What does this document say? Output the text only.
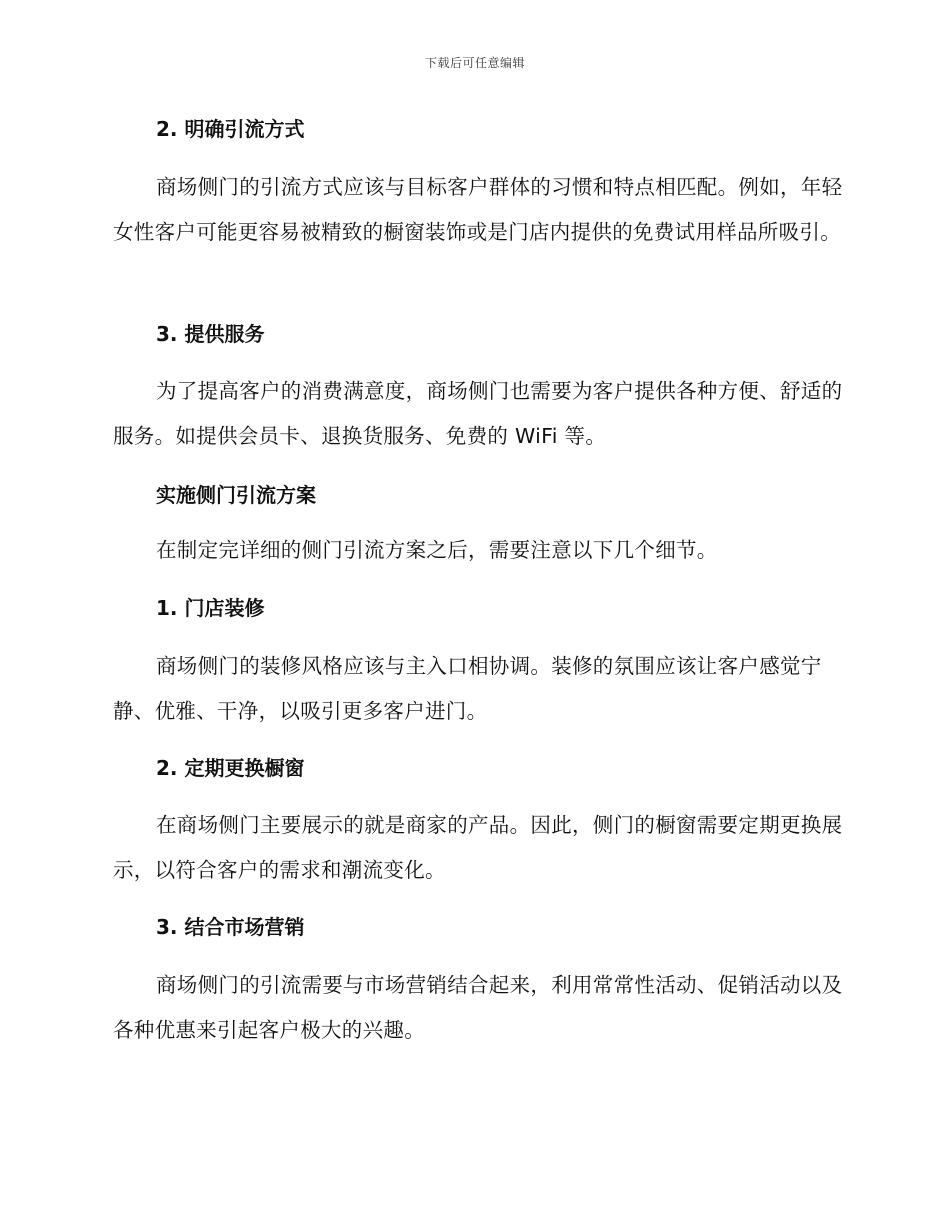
下载后可任意编辑
2. 明确引流方式
商场侧门的引流方式应该与目标客户群体的习惯和特点相匹配。例如，年轻女性客户可能更容易被精致的橱窗装饰或是门店内提供的免费试用样品所吸引。
3. 提供服务
为了提高客户的消费满意度，商场侧门也需要为客户提供各种方便、舒适的服务。如提供会员卡、退换货服务、免费的 WiFi 等。
实施侧门引流方案
在制定完详细的侧门引流方案之后，需要注意以下几个细节。
1. 门店装修
商场侧门的装修风格应该与主入口相协调。装修的氛围应该让客户感觉宁静、优雅、干净，以吸引更多客户进门。
2. 定期更换橱窗
在商场侧门主要展示的就是商家的产品。因此，侧门的橱窗需要定期更换展示，以符合客户的需求和潮流变化。
3. 结合市场营销
商场侧门的引流需要与市场营销结合起来，利用常常性活动、促销活动以及各种优惠来引起客户极大的兴趣。
